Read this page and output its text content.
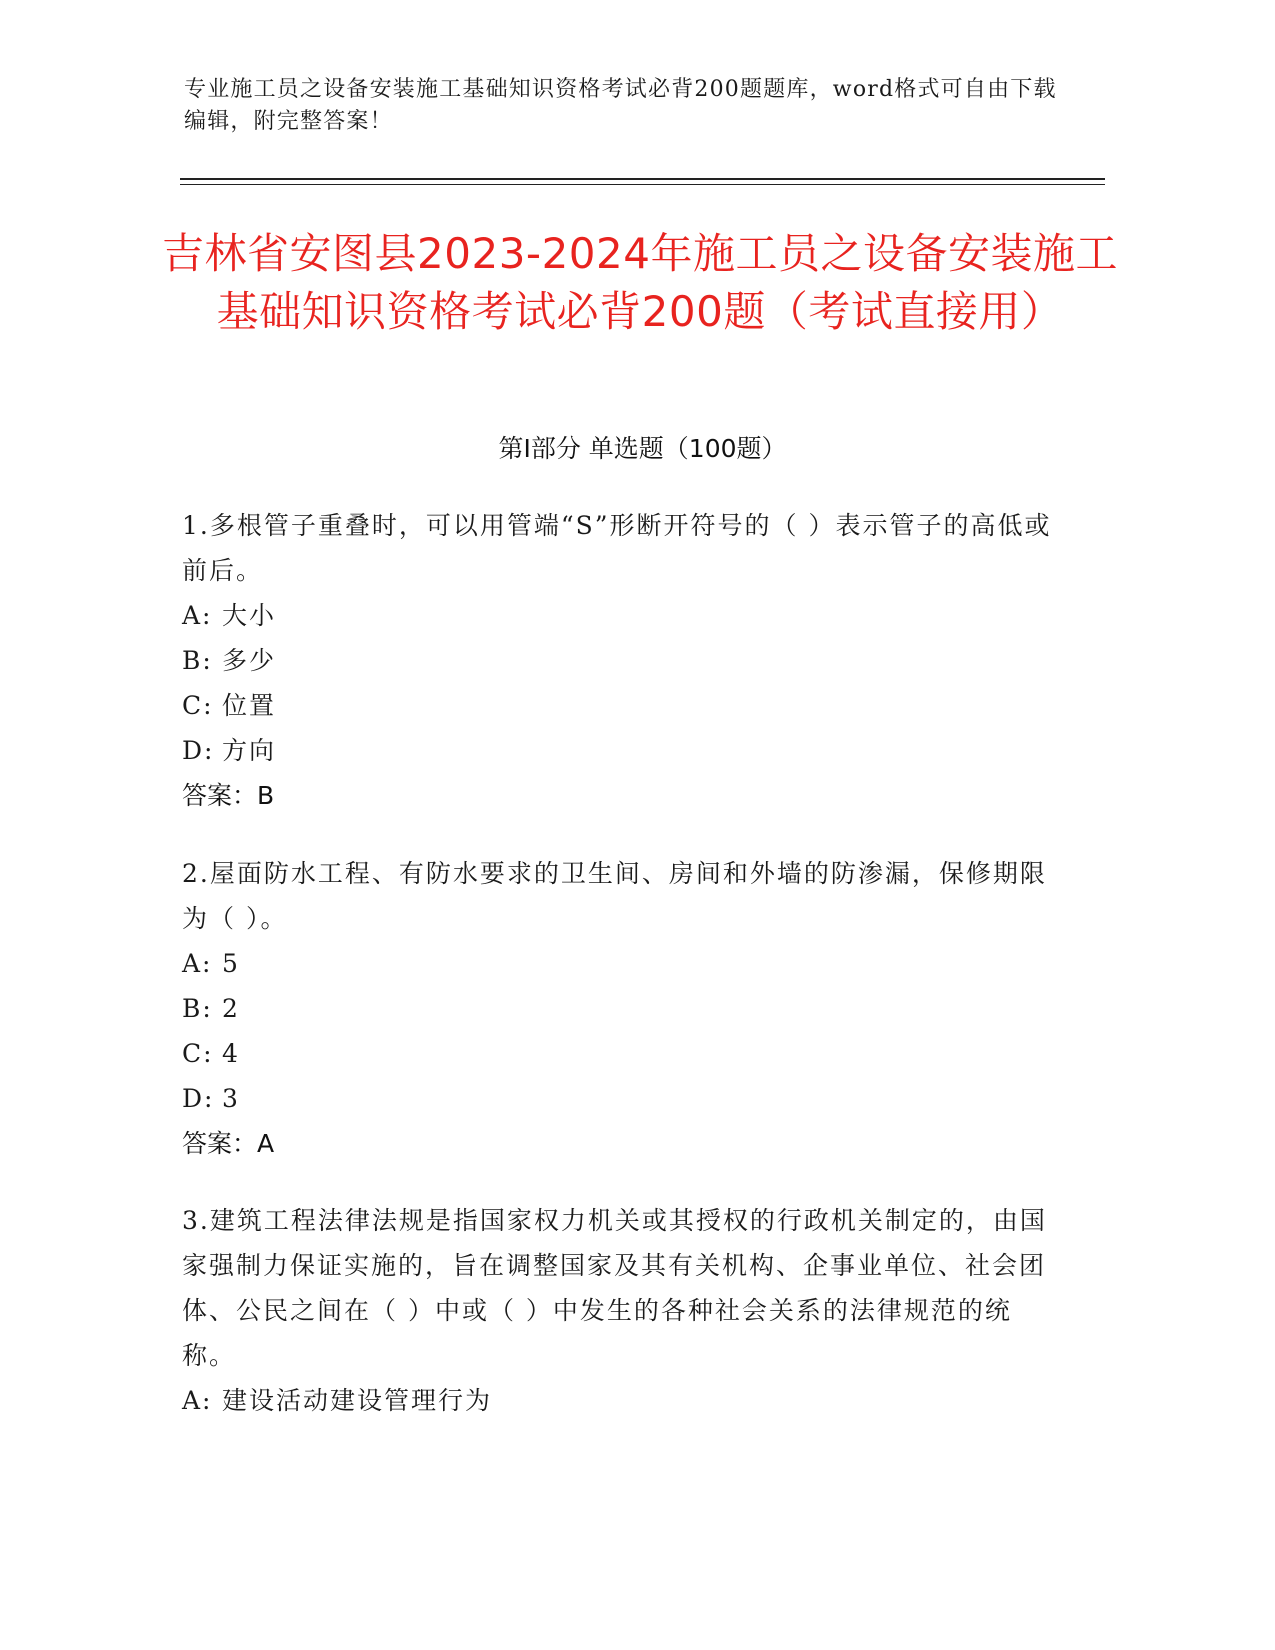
专业施工员之设备安装施工基础知识资格考试必背200题题库，word格式可自由下载编辑，附完整答案！
吉林省安图县2023-2024年施工员之设备安装施工基础知识资格考试必背200题（考试直接用）
第I部分 单选题（100题）
1.多根管子重叠时，可以用管端“S”形断开符号的（ ）表示管子的高低或前后。
A: 大小
B: 多少
C: 位置
D: 方向
答案：B
2.屋面防水工程、有防水要求的卫生间、房间和外墙的防渗漏，保修期限为（ ）。
A: 5
B: 2
C: 4
D: 3
答案：A
3.建筑工程法律法规是指国家权力机关或其授权的行政机关制定的，由国家强制力保证实施的，旨在调整国家及其有关机构、企事业单位、社会团体、公民之间在（ ）中或（ ）中发生的各种社会关系的法律规范的统称。
A: 建设活动建设管理行为
